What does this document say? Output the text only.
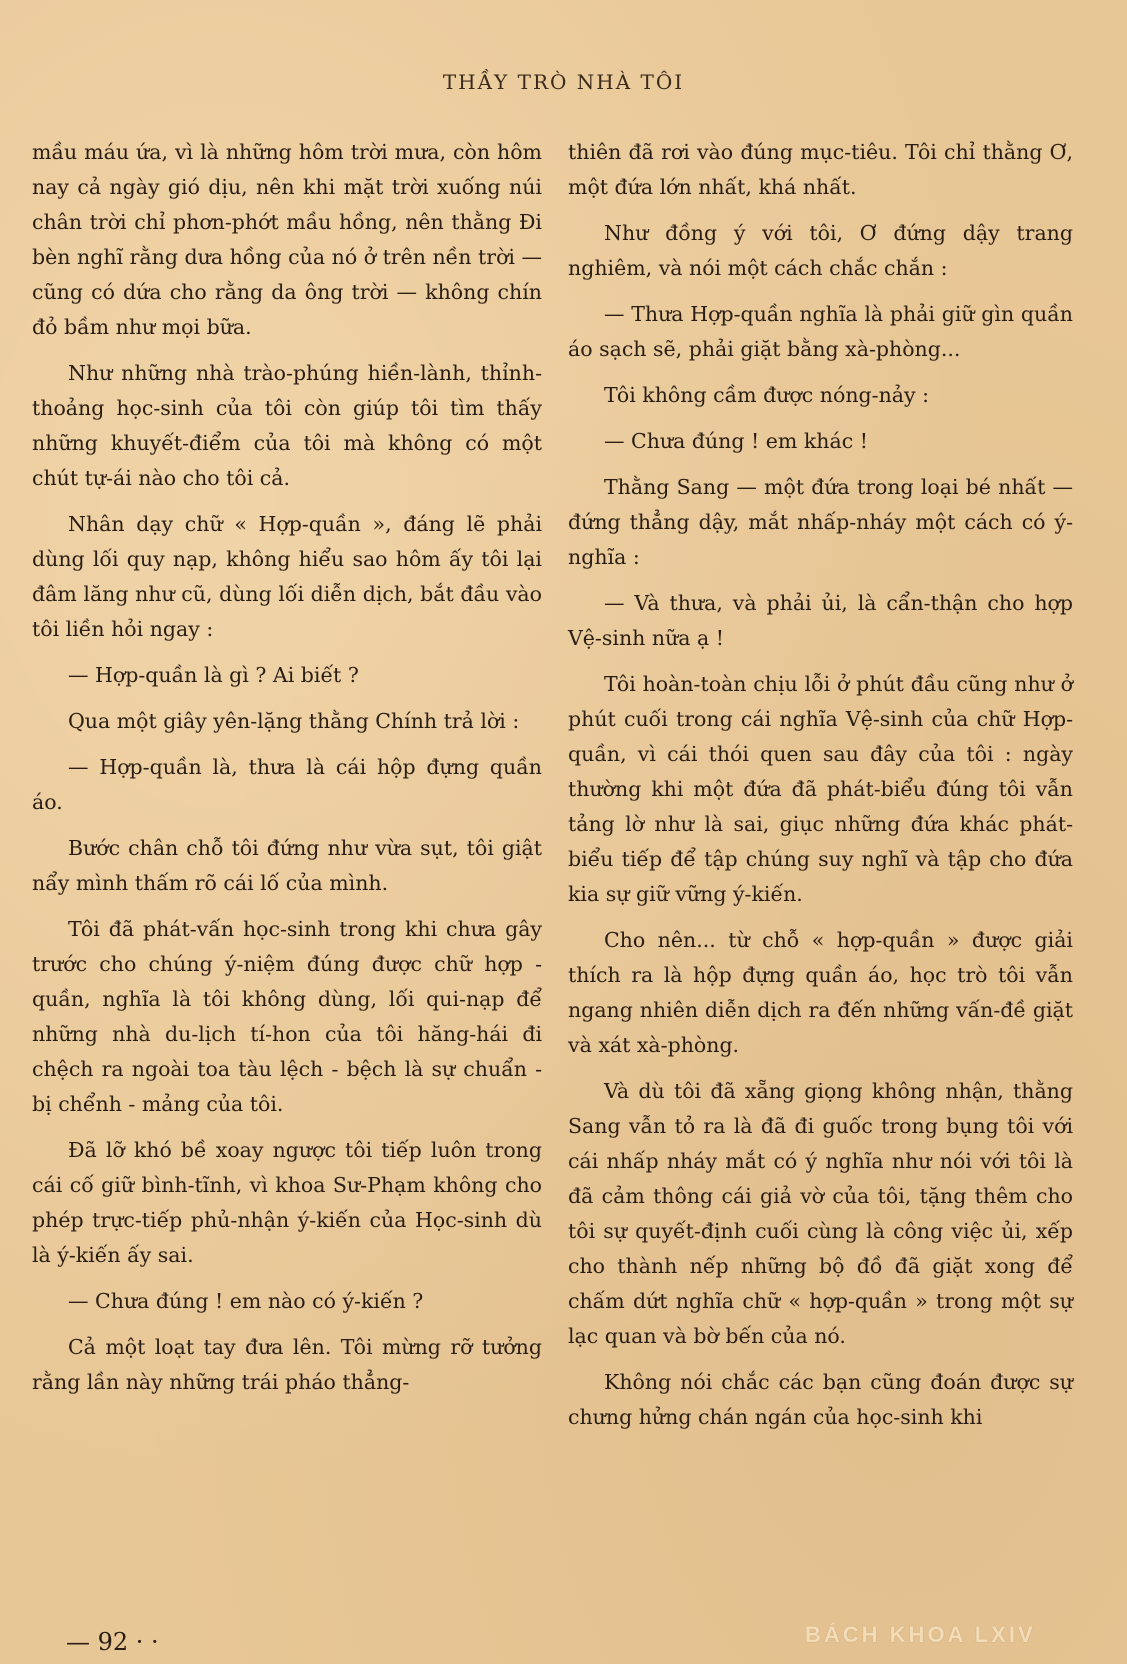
THẦY TRÒ NHÀ TÔI

mầu máu ứa, vì là những hôm trời mưa, còn hôm nay cả ngày gió dịu, nên khi mặt trời xuống núi chân trời chỉ phơn-phớt mầu hồng, nên thằng Đi bèn nghĩ rằng dưa hồng của nó ở trên nền trời — cũng có dứa cho rằng da ông trời — không chín đỏ bầm như mọi bữa.

Như những nhà trào-phúng hiền-lành, thỉnh-thoảng học-sinh của tôi còn giúp tôi tìm thấy những khuyết-điểm của tôi mà không có một chút tự-ái nào cho tôi cả.

Nhân dạy chữ « Hợp-quần », đáng lẽ phải dùng lối quy nạp, không hiểu sao hôm ấy tôi lại đâm lăng như cũ, dùng lối diễn dịch, bắt đầu vào tôi liền hỏi ngay :

— Hợp-quần là gì ? Ai biết ?

Qua một giây yên-lặng thằng Chính trả lời :

— Hợp-quần là, thưa là cái hộp đựng quần áo.

Bước chân chỗ tôi đứng như vừa sụt, tôi giật nẩy mình thấm rõ cái lố của mình.

Tôi đã phát-vấn học-sinh trong khi chưa gây trước cho chúng ý-niệm đúng được chữ hợp - quần, nghĩa là tôi không dùng, lối qui-nạp để những nhà du-lịch tí-hon của tôi hăng-hái đi chệch ra ngoài toa tàu lệch - bệch là sự chuẩn - bị chểnh - mảng của tôi.

Đã lỡ khó bề xoay ngược tôi tiếp luôn trong cái cố giữ bình-tĩnh, vì khoa Sư-Phạm không cho phép trực-tiếp phủ-nhận ý-kiến của Học-sinh dù là ý-kiến ấy sai.

— Chưa đúng ! em nào có ý-kiến ?

Cả một loạt tay đưa lên. Tôi mừng rỡ tưởng rằng lần này những trái pháo thẳng-

thiên đã rơi vào đúng mục-tiêu. Tôi chỉ thằng Ơ, một đứa lớn nhất, khá nhất.

Như đồng ý với tôi, Ơ đứng dậy trang nghiêm, và nói một cách chắc chắn :

— Thưa Hợp-quần nghĩa là phải giữ gìn quần áo sạch sẽ, phải giặt bằng xà-phòng...

Tôi không cầm được nóng-nảy :

— Chưa đúng ! em khác !

Thằng Sang — một đứa trong loại bé nhất — đứng thẳng dậy, mắt nhấp-nháy một cách có ý-nghĩa :

— Và thưa, và phải ủi, là cẩn-thận cho hợp Vệ-sinh nữa ạ !

Tôi hoàn-toàn chịu lỗi ở phút đầu cũng như ở phút cuối trong cái nghĩa Vệ-sinh của chữ Hợp-quần, vì cái thói quen sau đây của tôi : ngày thường khi một đứa đã phát-biểu đúng tôi vẫn tảng lờ như là sai, giục những đứa khác phát-biểu tiếp để tập chúng suy nghĩ và tập cho đứa kia sự giữ vững ý-kiến.

Cho nên... từ chỗ « hợp-quần » được giải thích ra là hộp đựng quần áo, học trò tôi vẫn ngang nhiên diễn dịch ra đến những vấn-đề giặt và xát xà-phòng.

Và dù tôi đã xẵng giọng không nhận, thằng Sang vẫn tỏ ra là đã đi guốc trong bụng tôi với cái nhấp nháy mắt có ý nghĩa như nói với tôi là đã cảm thông cái giả vờ của tôi, tặng thêm cho tôi sự quyết-định cuối cùng là công việc ủi, xếp cho thành nếp những bộ đồ đã giặt xong để chấm dứt nghĩa chữ « hợp-quần » trong một sự lạc quan và bờ bến của nó.

Không nói chắc các bạn cũng đoán được sự chưng hửng chán ngán của học-sinh khi

— 92 · ·	BÁCH KHOA LXIV
